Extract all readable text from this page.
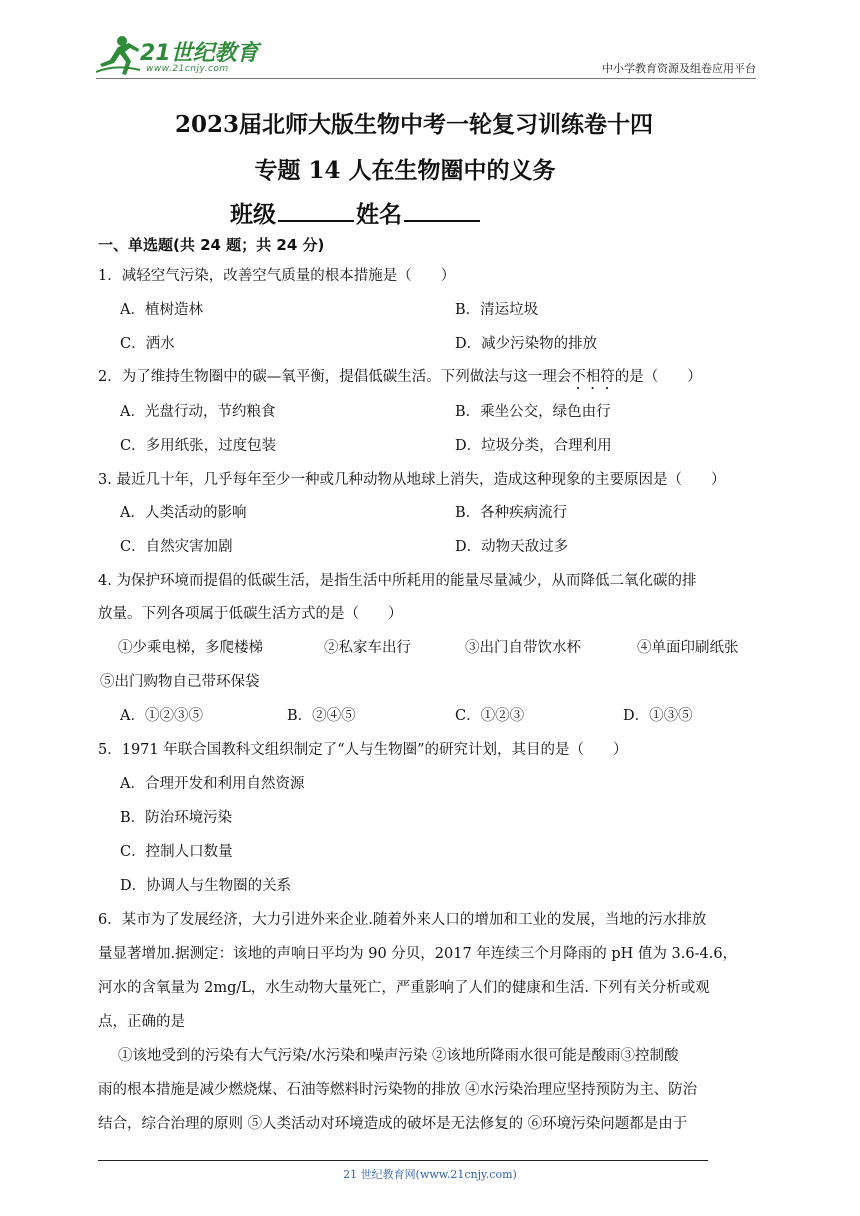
21世纪教育
www.21cnjy.com	中小学教育资源及组卷应用平台
2023届北师大版生物中考一轮复习训练卷十四
专题 14 人在生物圈中的义务
班级	姓名
一、单选题(共 24 题；共 24 分)
1．减轻空气污染，改善空气质量的根本措施是（　　）
A．植树造林	B．清运垃圾
C．洒水	D．减少污染物的排放
2．为了维持生物圈中的碳—氧平衡，提倡低碳生活。下列做法与这一理会不相符的是（　　）
A．光盘行动，节约粮食	B．乘坐公交，绿色由行
C．多用纸张，过度包装	D．垃圾分类，合理利用
3. 最近几十年，几乎每年至少一种或几种动物从地球上消失，造成这种现象的主要原因是（　　）
A．人类活动的影响	B．各种疾病流行
C．自然灾害加剧	D．动物天敌过多
4. 为保护环境而提倡的低碳生活，是指生活中所耗用的能量尽量减少，从而降低二氧化碳的排
放量。下列各项属于低碳生活方式的是（　　）
①少乘电梯，多爬楼梯	②私家车出行	③出门自带饮水杯	④单面印刷纸张
⑤出门购物自己带环保袋
A．①②③⑤	B．②④⑤	C．①②③	D．①③⑤
5．1971 年联合国教科文组织制定了“人与生物圈”的研究计划，其目的是（　　）
A．合理开发和利用自然资源
B．防治环境污染
C．控制人口数量
D．协调人与生物圈的关系
6．某市为了发展经济，大力引进外来企业.随着外来人口的增加和工业的发展，当地的污水排放
量显著增加.据测定：该地的声响日平均为 90 分贝，2017 年连续三个月降雨的 pH 值为 3.6-4.6，
河水的含氧量为 2mg/L，水生动物大量死亡，严重影响了人们的健康和生活. 下列有关分析或观
点，正确的是
①该地受到的污染有大气污染/水污染和噪声污染 ②该地所降雨水很可能是酸雨③控制酸
雨的根本措施是减少燃烧煤、石油等燃料时污染物的排放 ④水污染治理应坚持预防为主、防治
结合，综合治理的原则 ⑤人类活动对环境造成的破坏是无法修复的 ⑥环境污染问题都是由于
21 世纪教育网(www.21cnjy.com)
